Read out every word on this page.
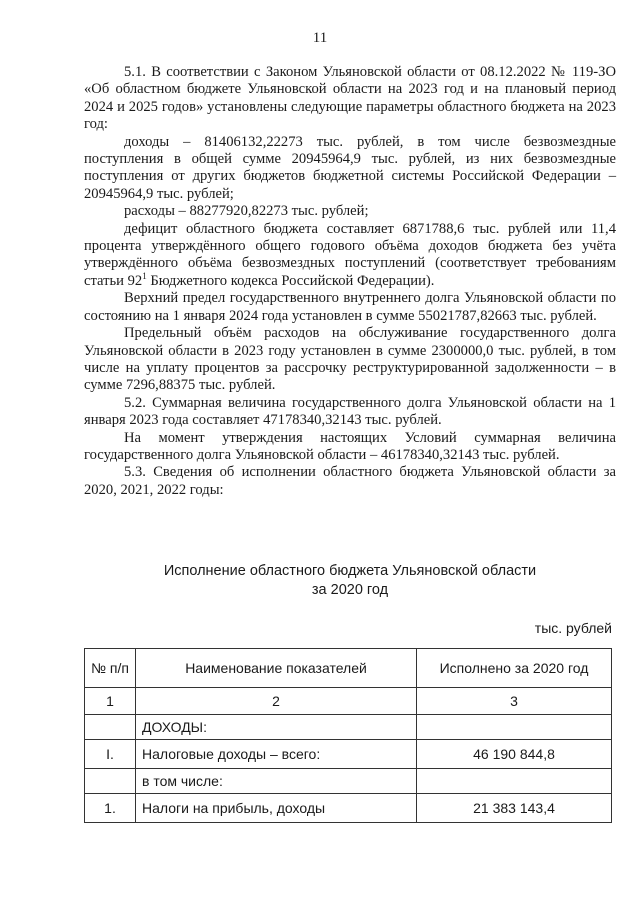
11

5.1. В соответствии с Законом Ульяновской области от 08.12.2022 № 119-ЗО «Об областном бюджете Ульяновской области на 2023 год и на плановый период 2024 и 2025 годов» установлены следующие параметры областного бюджета на 2023 год:

доходы – 81406132,22273 тыс. рублей, в том числе безвозмездные поступления в общей сумме 20945964,9 тыс. рублей, из них безвозмездные поступления от других бюджетов бюджетной системы Российской Федерации – 20945964,9 тыс. рублей;

расходы – 88277920,82273 тыс. рублей;

дефицит областного бюджета составляет 6871788,6 тыс. рублей или 11,4 процента утверждённого общего годового объёма доходов бюджета без учёта утверждённого объёма безвозмездных поступлений (соответствует требованиям статьи $92^1$ Бюджетного кодекса Российской Федерации).

Верхний предел государственного внутреннего долга Ульяновской области по состоянию на 1 января 2024 года установлен в сумме 55021787,82663 тыс. рублей.

Предельный объём расходов на обслуживание государственного долга Ульяновской области в 2023 году установлен в сумме 2300000,0 тыс. рублей, в том числе на уплату процентов за рассрочку реструктурированной задолженности – в сумме 7296,88375 тыс. рублей.

5.2. Суммарная величина государственного долга Ульяновской области на 1 января 2023 года составляет 47178340,32143 тыс. рублей.

На момент утверждения настоящих Условий суммарная величина государственного долга Ульяновской области – 46178340,32143 тыс. рублей.

5.3. Сведения об исполнении областного бюджета Ульяновской области за 2020, 2021, 2022 годы:

Исполнение областного бюджета Ульяновской области
за 2020 год
тыс. рублей
№ п/п	Наименование показателей	Исполнено за 2020 год
1	2	3
	ДОХОДЫ:	
I.	Налоговые доходы – всего:	46 190 844,8
	в том числе:	
1.	Налоги на прибыль, доходы	21 383 143,4
